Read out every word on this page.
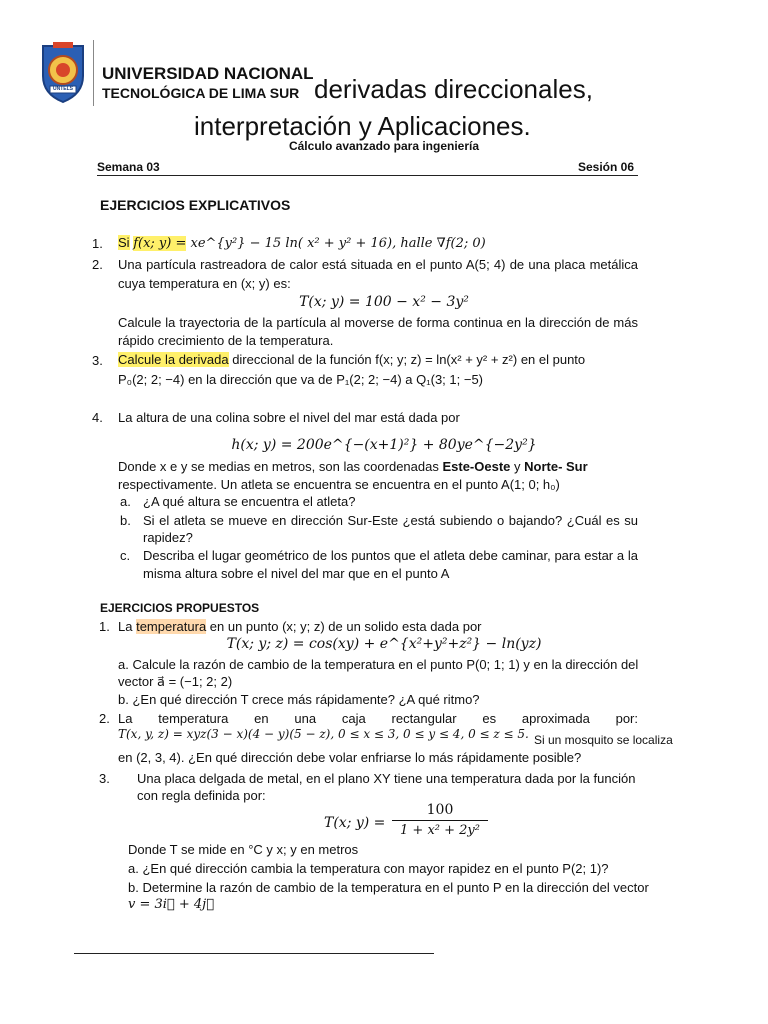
UNTELS
UNIVERSIDAD NACIONAL
TECNOLÓGICA DE LIMA SUR derivadas direccionales,
interpretación y Aplicaciones.
Cálculo avanzado para ingeniería
Semana 03	Sesión 06
EJERCICIOS EXPLICATIVOS
1. Si f(x; y) = xe^{y²} − 15 ln( x² + y² + 16), halle ∇f(2; 0)
2. Una partícula rastreadora de calor está situada en el punto A(5; 4) de una placa metálica
cuya temperatura en (x; y) es:
T(x; y) = 100 − x² − 3y²
Calcule la trayectoria de la partícula al moverse de forma continua en la dirección de más
rápido crecimiento de la temperatura.
3. Calcule la derivada direccional de la función f(x; y; z) = ln(x² + y² + z²) en el punto
P₀(2; 2; −4) en la dirección que va de P₁(2; 2; −4) a Q₁(3; 1; −5)
4. La altura de una colina sobre el nivel del mar está dada por
h(x; y) = 200e^{−(x+1)²} + 80ye^{−2y²}
Donde x e y se medias en metros, son las coordenadas Este-Oeste y Norte- Sur
respectivamente. Un atleta se encuentra se encuentra en el punto A(1; 0; h₀)
a. ¿A qué altura se encuentra el atleta?
b. Si el atleta se mueve en dirección Sur-Este ¿está subiendo o bajando? ¿Cuál es su
rapidez?
c. Describa el lugar geométrico de los puntos que el atleta debe caminar, para estar a la
misma altura sobre el nivel del mar que en el punto A
EJERCICIOS PROPUESTOS
1. La temperatura en un punto (x; y; z) de un solido esta dada por
T(x; y; z) = cos(xy) + e^{x²+y²+z²} − ln(yz)
a. Calcule la razón de cambio de la temperatura en el punto P(0; 1; 1) y en la dirección del
vector a⃗ = (−1; 2; 2)
b. ¿En qué dirección T crece más rápidamente? ¿A qué ritmo?
2. La temperatura en una caja rectangular es aproximada por:
T(x, y, z) = xyz(3 − x)(4 − y)(5 − z), 0 ≤ x ≤ 3, 0 ≤ y ≤ 4, 0 ≤ z ≤ 5. Si un mosquito se localiza
en (2, 3, 4). ¿En qué dirección debe volar enfriarse lo más rápidamente posible?
3. Una placa delgada de metal, en el plano XY tiene una temperatura dada por la función
con regla definida por:
T(x; y) =
100
1 + x² + 2y²
Donde T se mide en °C y x; y en metros
a. ¿En qué dirección cambia la temperatura con mayor rapidez en el punto P(2; 1)?
b. Determine la razón de cambio de la temperatura en el punto P en la dirección del vector
v = 3i⃗ + 4j⃗
